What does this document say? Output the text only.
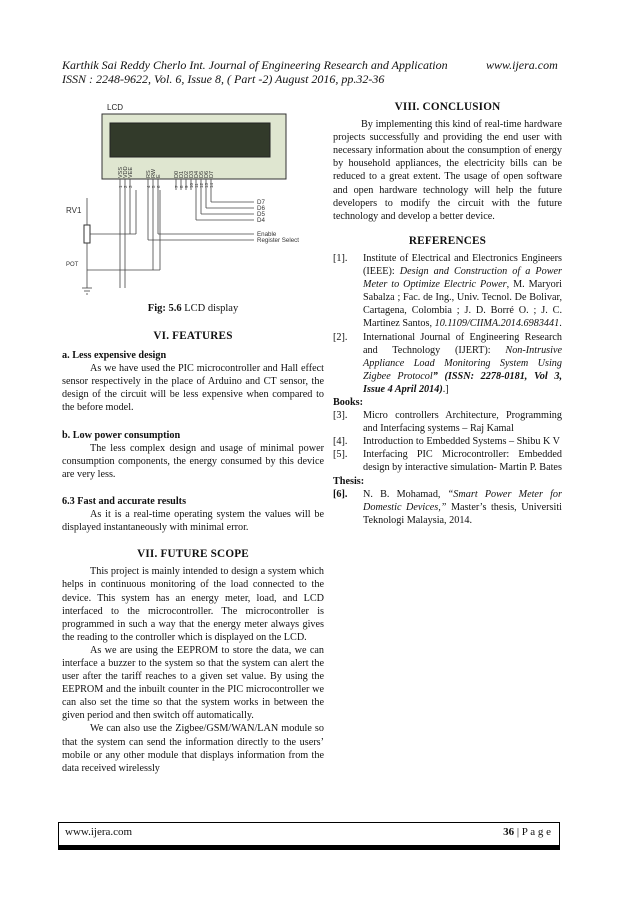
Karthik Sai Reddy Cherlo Int. Journal of Engineering Research and Application	www.ijera.com
ISSN : 2248-9622, Vol. 6, Issue 8, ( Part -2) August 2016, pp.32-36
LCD
VSS
1
VDD
2
VEE
3
RS
4
RW
5
E
6
D0
7
D1
8
D2
9
D3
10
D4
11
D5
12
D6
13
D7
14
RV1
POT
D7
D6
D5
D4
Enable
Register Select
Fig: 5.6 LCD display
VI. FEATURES
a. Less expensive design
As we have used the PIC microcontroller and Hall effect sensor respectively in the place of Arduino and CT sensor, the design of the circuit will be less expensive when compared to the before model.
b. Low power consumption
The less complex design and usage of minimal power consumption components, the energy consumed by this device are very less.
6.3 Fast and accurate results
As it is a real-time operating system the values will be displayed instantaneously with minimal error.
VII. FUTURE SCOPE
This project is mainly intended to design a system which helps in continuous monitoring of the load connected to the device. This system has an energy meter, load, and LCD interfaced to the microcontroller. The microcontroller is programmed in such a way that the energy meter always gives the reading to the controller which is displayed on the LCD.
As we are using the EEPROM to store the data, we can interface a buzzer to the system so that the system can alert the user after the tariff reaches to a given set value. By using the EEPROM and the inbuilt counter in the PIC microcontroller we can also set the time so that the system works in between the given period and then switch off automatically.
We can also use the Zigbee/GSM/WAN/LAN module so that the system can send the information directly to the users’ mobile or any other module that displays information from the data received wirelessly
VIII. CONCLUSION
By implementing this kind of real-time hardware projects successfully and providing the end user with necessary information about the consumption of energy by household appliances, the electricity bills can be reduced to a great extent. The usage of open software and open hardware technology will help the future developers to modify the circuit with the future technology and develop a better device.
REFERENCES
[1].	Institute of Electrical and Electronics Engineers (IEEE): Design and Construction of a Power Meter to Optimize Electric Power, M. Maryori Sabalza ; Fac. de Ing., Univ. Tecnol. De Bolivar, Cartagena, Colombia ; J. D. Borré O. ; J. C. Martinez Santos, 10.1109/CIIMA.2014.6983441.
[2].	International Journal of Engineering Research and Technology (IJERT): Non-Intrusive Appliance Load Monitoring System Using Zigbee Protocol” (ISSN: 2278-0181, Vol 3, Issue 4 April 2014).]
Books:
[3].	Micro controllers Architecture, Programming and Interfacing systems – Raj Kamal
[4].	Introduction to Embedded Systems – Shibu K V
[5].	Interfacing PIC Microcontroller: Embedded design by interactive simulation- Martin P. Bates
Thesis:
[6].	N. B. Mohamad, “Smart Power Meter for Domestic Devices,” Master’s thesis, Universiti Teknologi Malaysia, 2014.
www.ijera.com	36 | P a g e
